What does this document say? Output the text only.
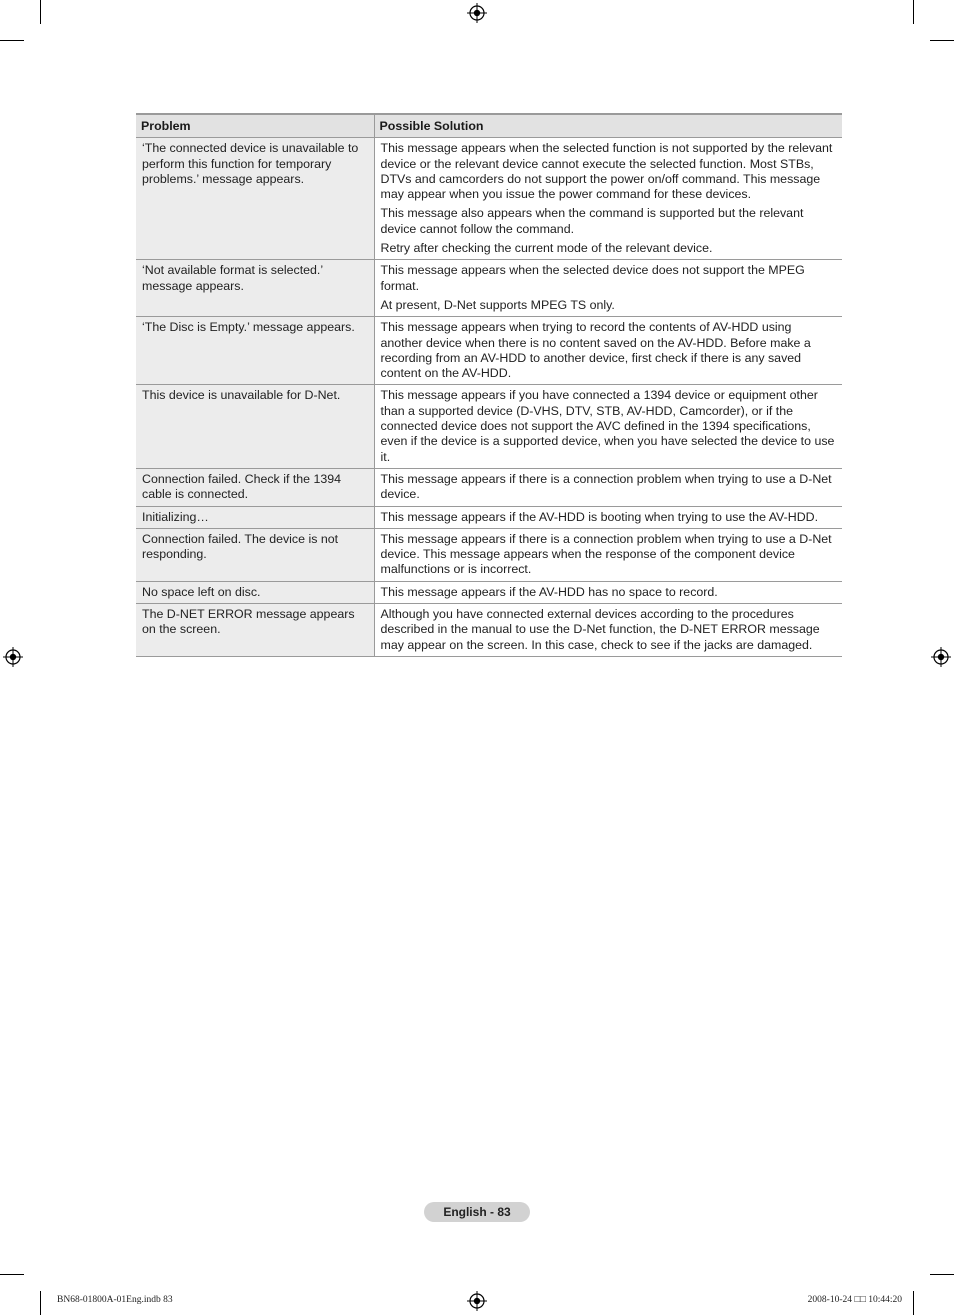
Problem	Possible Solution
‘The connected device is unavailable to perform this function for temporary problems.’ message appears.	This message appears when the selected function is not supported by the relevant device or the relevant device cannot execute the selected function. Most STBs, DTVs and camcorders do not support the power on/off command. This message may appear when you issue the power command for these devices.

This message also appears when the command is supported but the relevant device cannot follow the command.

Retry after checking the current mode of the relevant device.

‘Not available format is selected.’ message appears.	This message appears when the selected device does not support the MPEG format.

At present, D-Net supports MPEG TS only.

‘The Disc is Empty.’ message appears.	This message appears when trying to record the contents of AV-HDD using another device when there is no content saved on the AV-HDD. Before make a recording from an AV-HDD to another device, first check if there is any saved content on the AV-HDD.

This device is unavailable for D-Net.	This message appears if you have connected a 1394 device or equipment other than a supported device (D-VHS, DTV, STB, AV-HDD, Camcorder), or if the connected device does not support the AVC defined in the 1394 specifications, even if the device is a supported device, when you have selected the device to use it.

Connection failed. Check if the 1394 cable is connected.	This message appears if there is a connection problem when trying to use a D-Net device.

Initializing…	This message appears if the AV-HDD is booting when trying to use the AV-HDD.

Connection failed. The device is not responding.	This message appears if there is a connection problem when trying to use a D-Net device. This message appears when the response of the component device malfunctions or is incorrect.

No space left on disc.	This message appears if the AV-HDD has no space to record.

The D-NET ERROR message appears on the screen.	Although you have connected external devices according to the procedures described in the manual to use the D-Net function, the D-NET ERROR message may appear on the screen. In this case, check to see if the jacks are damaged.

English - 83
BN68-01800A-01Eng.indb 83	2008-10-24 □□ 10:44:20
